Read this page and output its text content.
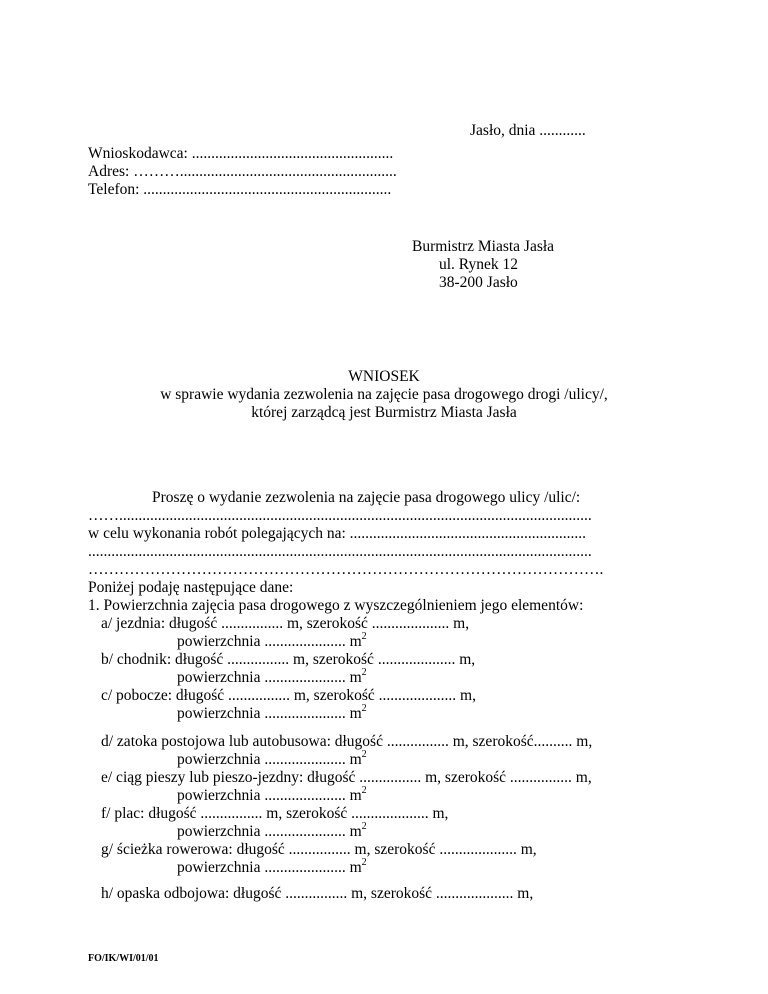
Jasło, dnia ............
Wnioskodawca: ....................................................
Adres: ………........................................................
Telefon: ................................................................
Burmistrz Miasta Jasła
ul. Rynek 12
38-200 Jasło
WNIOSEK
w sprawie wydania zezwolenia na zajęcie pasa drogowego drogi /ulicy/,
której zarządcą jest Burmistrz Miasta Jasła
Proszę o wydanie zezwolenia na zajęcie pasa drogowego ulicy /ulic/:
……..........................................................................................................................
w celu wykonania robót polegających na: .............................................................
..................................................................................................................................
……………………………………………………………………………………….
Poniżej podaję następujące dane:
1. Powierzchnia zajęcia pasa drogowego z wyszczególnieniem jego elementów:
a/ jezdnia: długość ................ m, szerokość .................... m,
powierzchnia ..................... $m^2$
b/ chodnik: długość ................ m, szerokość .................... m,
powierzchnia ..................... $m^2$
c/ pobocze: długość ................ m, szerokość .................... m,
powierzchnia ..................... $m^2$
d/ zatoka postojowa lub autobusowa: długość ................ m, szerokość.......... m,
powierzchnia ..................... $m^2$
e/ ciąg pieszy lub pieszo-jezdny: długość ................ m, szerokość ................ m,
powierzchnia ..................... $m^2$
f/ plac: długość ................ m, szerokość .................... m,
powierzchnia ..................... $m^2$
g/ ścieżka rowerowa: długość ................ m, szerokość .................... m,
powierzchnia ..................... $m^2$
h/ opaska odbojowa: długość ................ m, szerokość .................... m,
FO/IK/WI/01/01
